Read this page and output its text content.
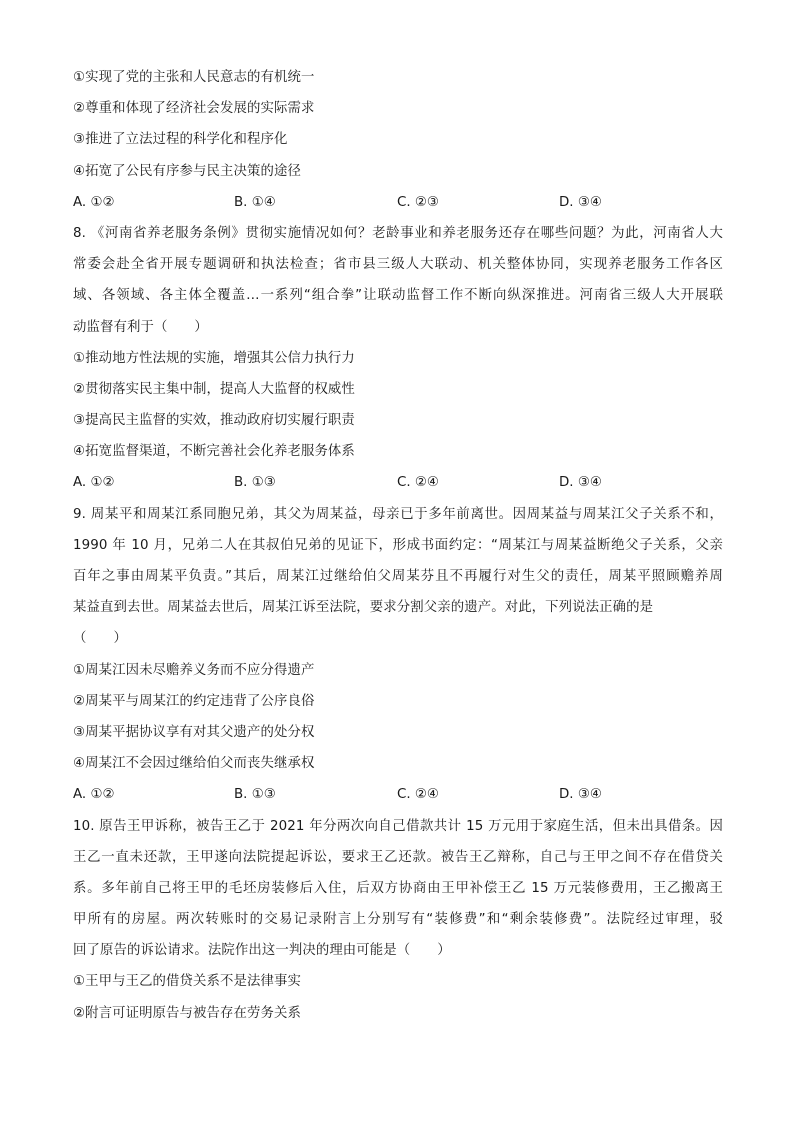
①实现了党的主张和人民意志的有机统一
②尊重和体现了经济社会发展的实际需求
③推进了立法过程的科学化和程序化
④拓宽了公民有序参与民主决策的途径
A. ①②	B. ①④	C. ②③	D. ③④
8. 《河南省养老服务条例》贯彻实施情况如何？老龄事业和养老服务还存在哪些问题？为此，河南省人大
常委会赴全省开展专题调研和执法检查；省市县三级人大联动、机关整体协同，实现养老服务工作各区
域、各领域、各主体全覆盖…一系列“组合拳”让联动监督工作不断向纵深推进。河南省三级人大开展联
动监督有利于（　　）
①推动地方性法规的实施，增强其公信力执行力
②贯彻落实民主集中制，提高人大监督的权威性
③提高民主监督的实效，推动政府切实履行职责
④拓宽监督渠道，不断完善社会化养老服务体系
A. ①②	B. ①③	C. ②④	D. ③④
9. 周某平和周某江系同胞兄弟，其父为周某益，母亲已于多年前离世。因周某益与周某江父子关系不和，
1990 年 10 月，兄弟二人在其叔伯兄弟的见证下，形成书面约定：“周某江与周某益断绝父子关系，父亲
百年之事由周某平负责。”其后，周某江过继给伯父周某芬且不再履行对生父的责任，周某平照顾赡养周
某益直到去世。周某益去世后，周某江诉至法院，要求分割父亲的遗产。对此，下列说法正确的是
（　　）
①周某江因未尽赡养义务而不应分得遗产
②周某平与周某江的约定违背了公序良俗
③周某平据协议享有对其父遗产的处分权
④周某江不会因过继给伯父而丧失继承权
A. ①②	B. ①③	C. ②④	D. ③④
10. 原告王甲诉称，被告王乙于 2021 年分两次向自己借款共计 15 万元用于家庭生活，但未出具借条。因
王乙一直未还款，王甲遂向法院提起诉讼，要求王乙还款。被告王乙辩称，自己与王甲之间不存在借贷关
系。多年前自己将王甲的毛坯房装修后入住，后双方协商由王甲补偿王乙 15 万元装修费用，王乙搬离王
甲所有的房屋。两次转账时的交易记录附言上分别写有“装修费”和“剩余装修费”。法院经过审理，驳
回了原告的诉讼请求。法院作出这一判决的理由可能是（　　）
①王甲与王乙的借贷关系不是法律事实
②附言可证明原告与被告存在劳务关系
